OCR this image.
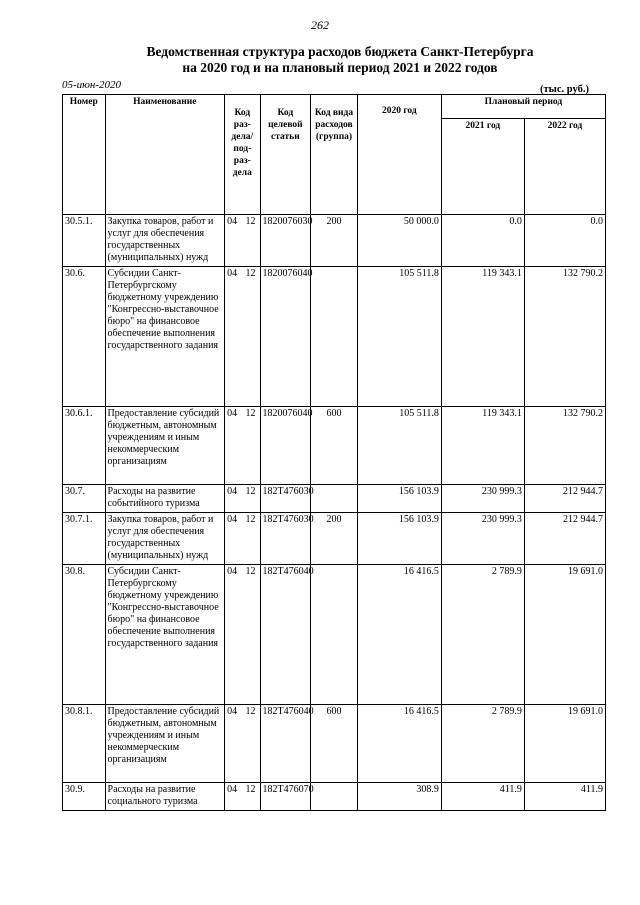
262
Ведомственная структура расходов бюджета Санкт-Петербурга
на 2020 год и на плановый период 2021 и 2022 годов
05-июн-2020	(тыс. руб.)
Номер	Наименование	Код раз-дела/ под-раз-дела	Код целевой статьи	Код вида расходов (группа)	2020 год	Плановый период	
						2021 год	2022 год
30.5.1.	Закупка товаров, работ и услуг для обеспечения государственных (муниципальных) нужд	04 12	1820076030	200	50 000.0	0.0	0.0
30.6.	Субсидии Санкт-Петербургскому бюджетному учреждению "Конгрессно-выставочное бюро" на финансовое обеспечение выполнения государственного задания	04 12	1820076040		105 511.8	119 343.1	132 790.2
30.6.1.	Предоставление субсидий бюджетным, автономным учреждениям и иным некоммерческим организациям	04 12	1820076040	600	105 511.8	119 343.1	132 790.2
30.7.	Расходы на развитие событийного туризма	04 12	182Т476030		156 103.9	230 999.3	212 944.7
30.7.1.	Закупка товаров, работ и услуг для обеспечения государственных (муниципальных) нужд	04 12	182Т476030	200	156 103.9	230 999.3	212 944.7
30.8.	Субсидии Санкт-Петербургскому бюджетному учреждению "Конгрессно-выставочное бюро" на финансовое обеспечение выполнения государственного задания	04 12	182Т476040		16 416.5	2 789.9	19 691.0
30.8.1.	Предоставление субсидий бюджетным, автономным учреждениям и иным некоммерческим организациям	04 12	182Т476040	600	16 416.5	2 789.9	19 691.0
30.9.	Расходы на развитие социального туризма	04 12	182Т476070		308.9	411.9	411.9
